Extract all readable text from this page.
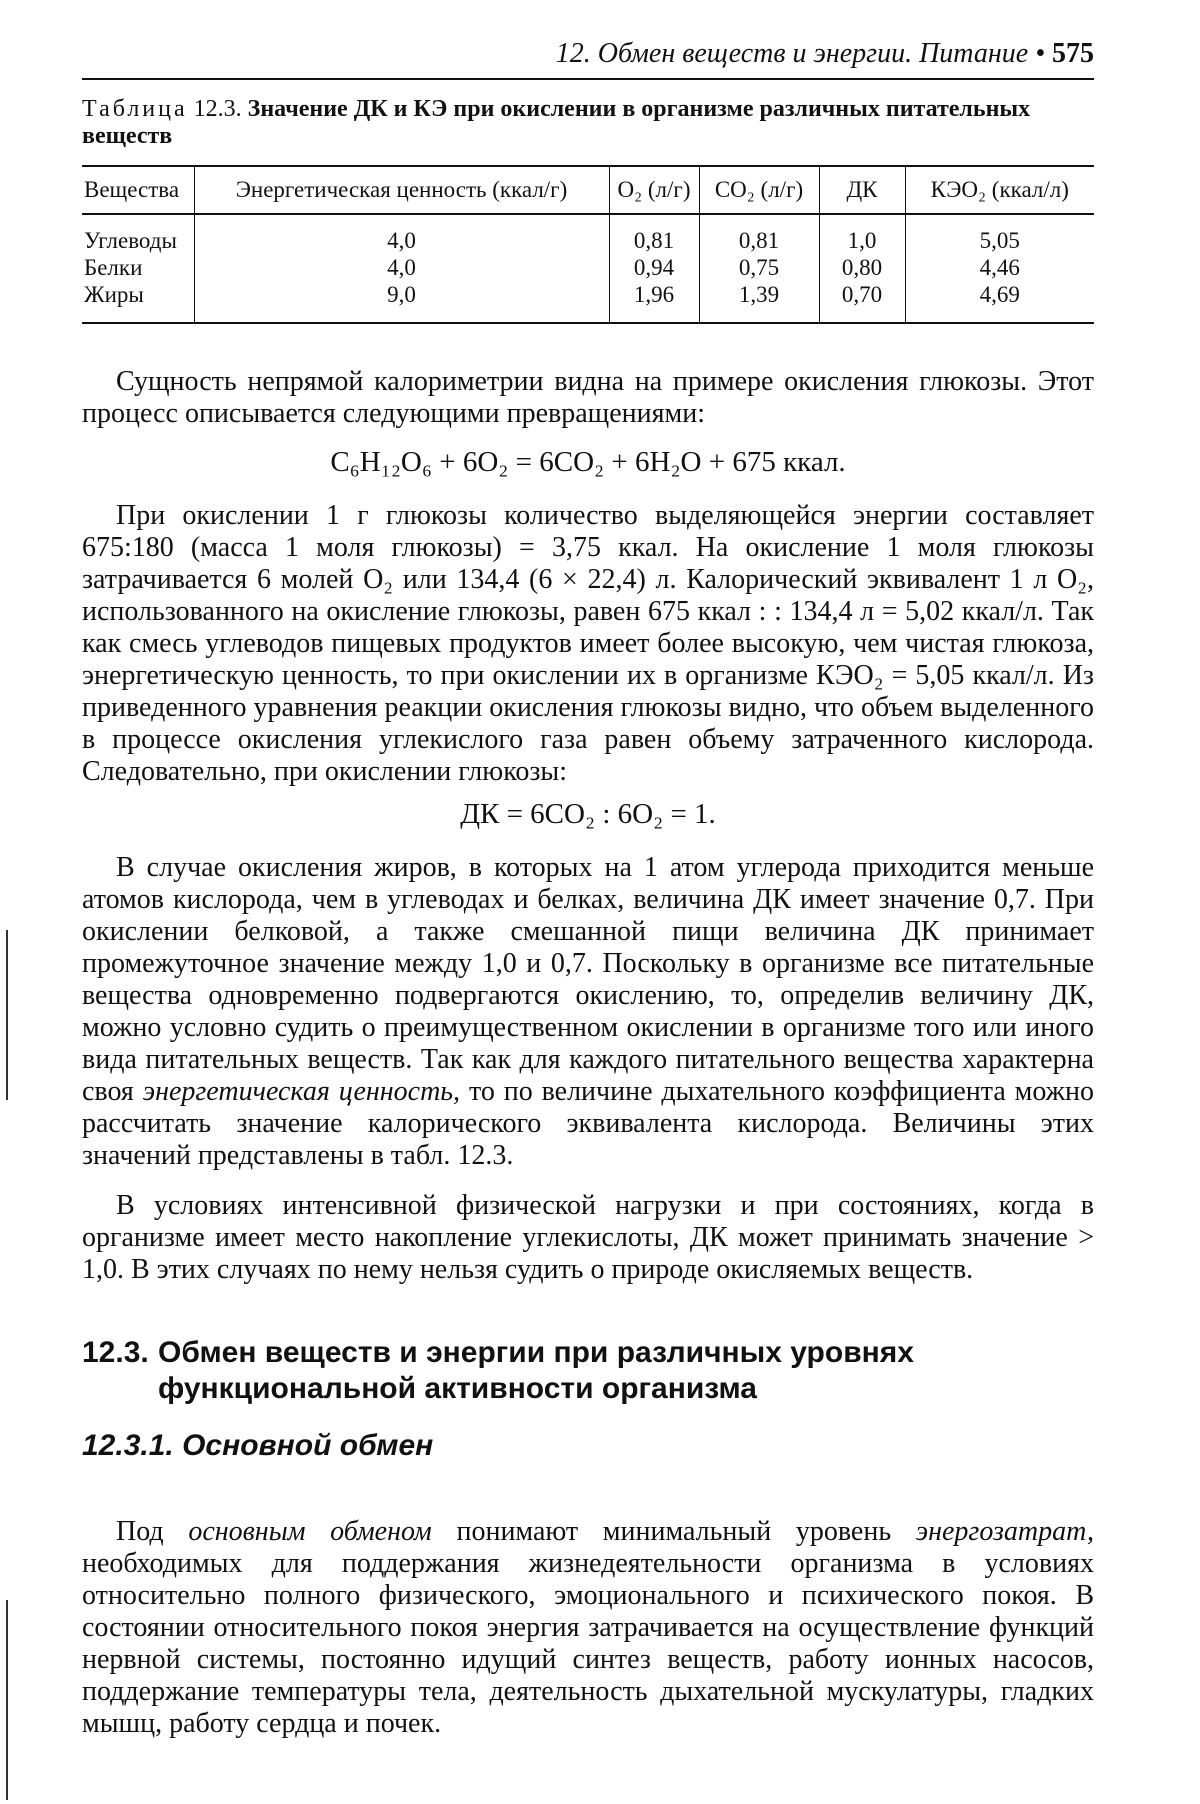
12. Обмен веществ и энергии. Питание • 575
Таблица 12.3. Значение ДК и КЭ при окислении в организме различных питательных веществ
Вещества	Энергетическая ценность (ккал/г)	O₂ (л/г)	CO₂ (л/г)	ДК	КЭO₂ (ккал/л)
Углеводы	4,0	0,81	0,81	1,0	5,05
Белки	4,0	0,94	0,75	0,80	4,46
Жиры	9,0	1,96	1,39	0,70	4,69

Сущность непрямой калориметрии видна на примере окисления глюкозы. Этот процесс описывается следующими превращениями:

C₆H₁₂O₆ + 6O₂ = 6CO₂ + 6H₂O + 675 ккал.

При окислении 1 г глюкозы количество выделяющейся энергии составляет 675:180 (масса 1 моля глюкозы) = 3,75 ккал. На окисление 1 моля глюкозы затрачивается 6 молей O₂ или 134,4 (6 × 22,4) л. Калорический эквивалент 1 л O₂, использованного на окисление глюкозы, равен 675 ккал : : 134,4 л = 5,02 ккал/л. Так как смесь углеводов пищевых продуктов имеет более высокую, чем чистая глюкоза, энергетическую ценность, то при окислении их в организме КЭO₂ = 5,05 ккал/л. Из приведенного уравнения реакции окисления глюкозы видно, что объем выделенного в процессе окисления углекислого газа равен объему затраченного кислорода. Следовательно, при окислении глюкозы:

ДК = 6CO₂ : 6O₂ = 1.

В случае окисления жиров, в которых на 1 атом углерода приходится меньше атомов кислорода, чем в углеводах и белках, величина ДК имеет значение 0,7. При окислении белковой, а также смешанной пищи величина ДК принимает промежуточное значение между 1,0 и 0,7. Поскольку в организме все питательные вещества одновременно подвергаются окислению, то, определив величину ДК, можно условно судить о преимущественном окислении в организме того или иного вида питательных веществ. Так как для каждого питательного вещества характерна своя энергетическая ценность, то по величине дыхательного коэффициента можно рассчитать значение калорического эквивалента кислорода. Величины этих значений представлены в табл. 12.3.

В условиях интенсивной физической нагрузки и при состояниях, когда в организме имеет место накопление углекислоты, ДК может принимать значение > 1,0. В этих случаях по нему нельзя судить о природе окисляемых веществ.

12.3. Обмен веществ и энергии при различных уровнях
функциональной активности организма
12.3.1. Основной обмен

Под основным обменом понимают минимальный уровень энергозатрат, необходимых для поддержания жизнедеятельности организма в условиях относительно полного физического, эмоционального и психического покоя. В состоянии относительного покоя энергия затрачивается на осуществление функций нервной системы, постоянно идущий синтез веществ, работу ионных насосов, поддержание температуры тела, деятельность дыхательной мускулатуры, гладких мышц, работу сердца и почек.
